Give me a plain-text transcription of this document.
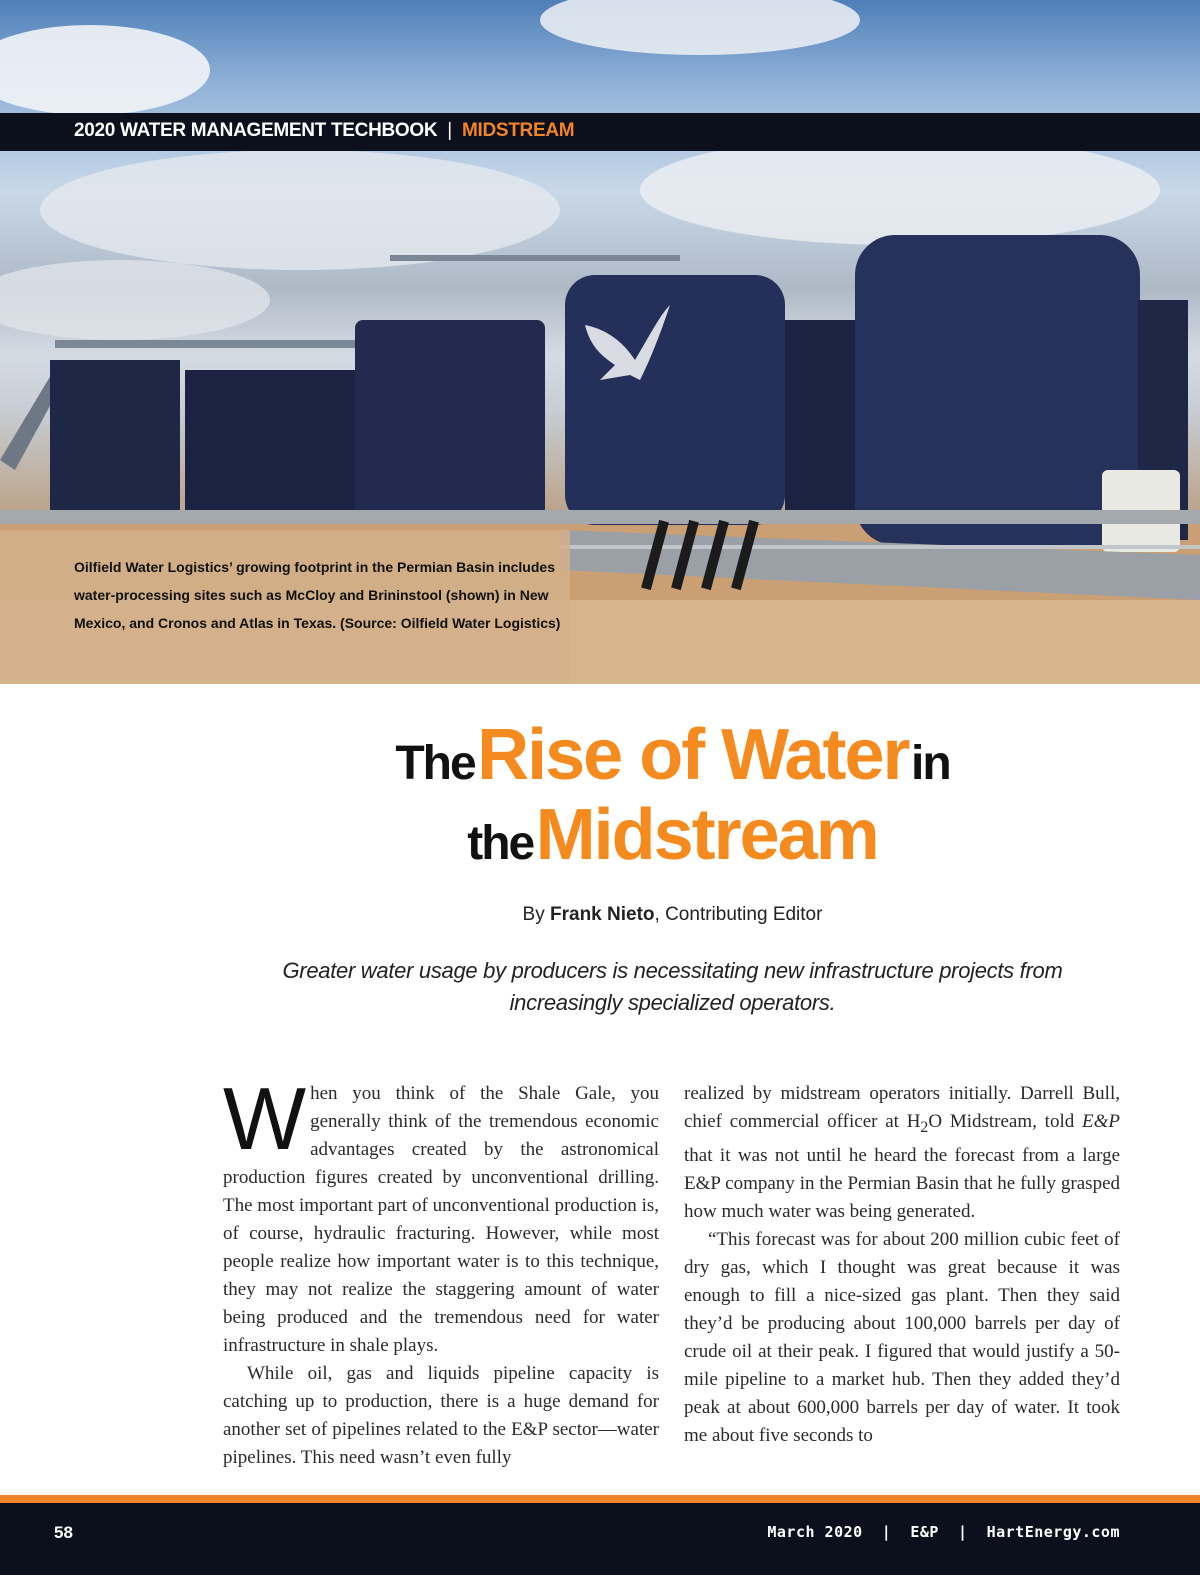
2020 WATER MANAGEMENT TECHBOOK | MIDSTREAM
Oilfield Water Logistics’ growing footprint in the Permian Basin includes water-processing sites such as McCloy and Brininstool (shown) in New Mexico, and Cronos and Atlas in Texas. (Source: Oilfield Water Logistics)
The Rise of Water in
the Midstream
By Frank Nieto, Contributing Editor
Greater water usage by producers is necessitating new infrastructure projects from increasingly specialized operators.

When you think of the Shale Gale, you generally think of the tremendous economic advantages created by the astronomical production figures created by unconventional drilling. The most important part of unconventional production is, of course, hydraulic fracturing. However, while most people realize how important water is to this technique, they may not realize the staggering amount of water being produced and the tremendous need for water infrastructure in shale plays.

While oil, gas and liquids pipeline capacity is catching up to production, there is a huge demand for another set of pipelines related to the E&P sector—water pipelines. This need wasn’t even fully

realized by midstream operators initially. Darrell Bull, chief commercial officer at $H_2O$ Midstream, told E&P that it was not until he heard the forecast from a large E&P company in the Permian Basin that he fully grasped how much water was being generated.

“This forecast was for about 200 million cubic feet of dry gas, which I thought was great because it was enough to fill a nice-sized gas plant. Then they said they’d be producing about 100,000 barrels per day of crude oil at their peak. I figured that would justify a 50-mile pipeline to a market hub. Then they added they’d peak at about 600,000 barrels per day of water. It took me about five seconds to

58	March 2020  |  E&P  |  HartEnergy.com
